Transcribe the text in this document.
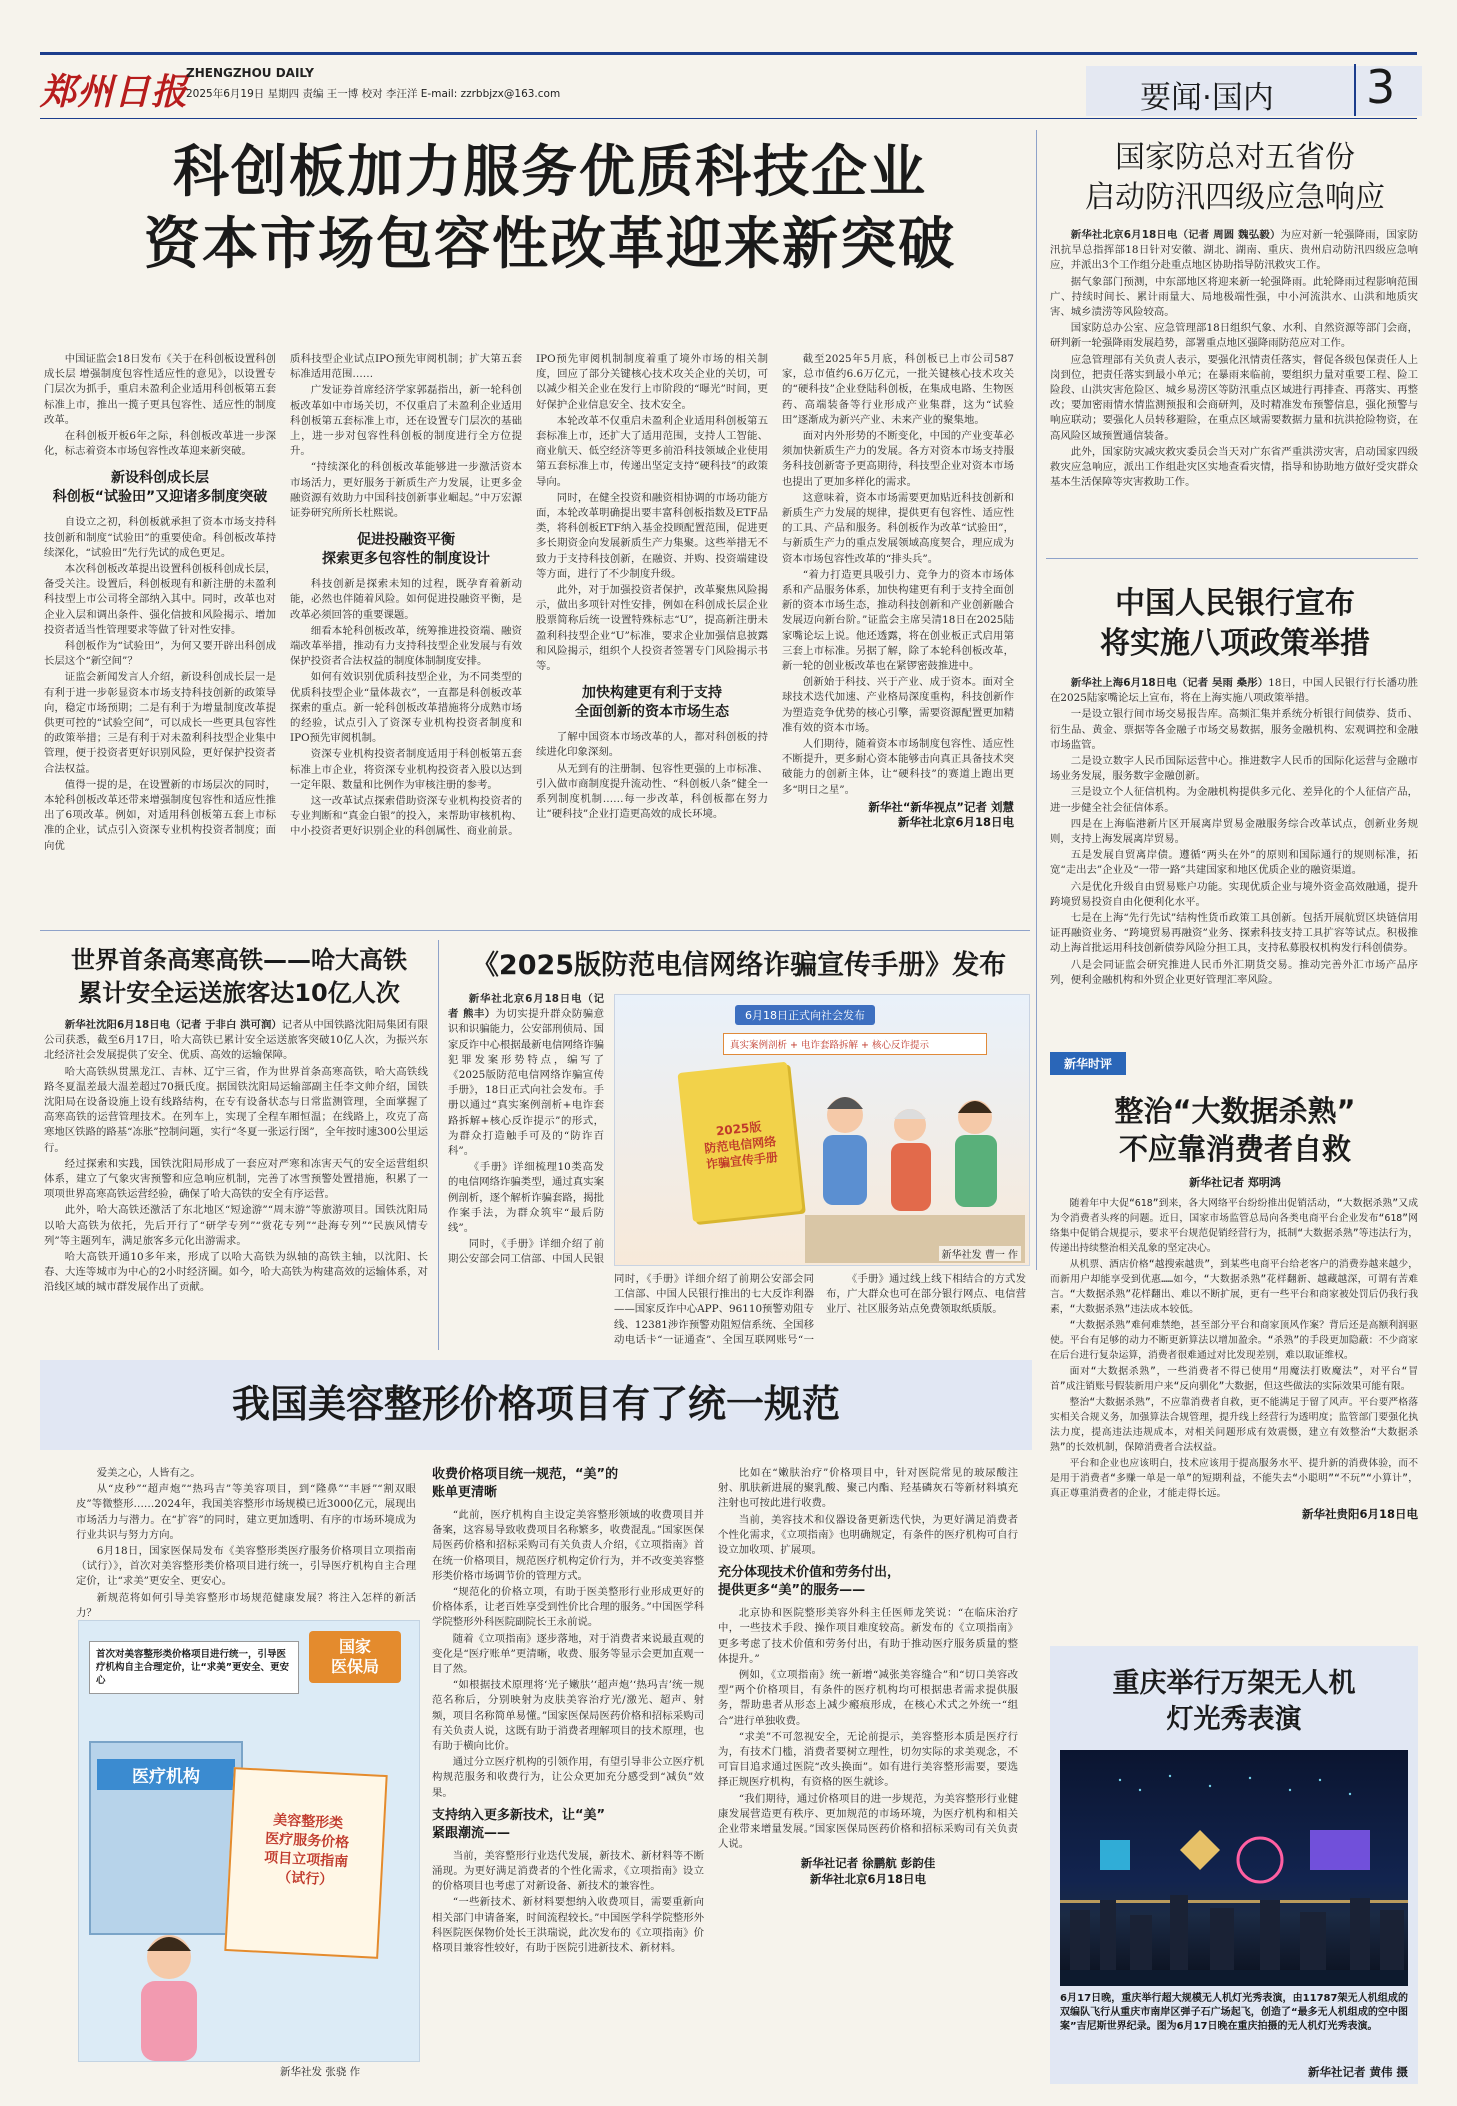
郑州日报
ZHENGZHOU DAILY
2025年6月19日 星期四 责编 王一博 校对 李汪洋 E-mail: zzrbbjzx@163.com	要闻·国内 3
科创板加力服务优质科技企业
资本市场包容性改革迎来新突破

中国证监会18日发布《关于在科创板设置科创成长层 增强制度包容性适应性的意见》，以设置专门层次为抓手，重启未盈利企业适用科创板第五套标准上市，推出一揽子更具包容性、适应性的制度改革。

在科创板开板6年之际，科创板改革进一步深化，标志着资本市场包容性改革迎来新突破。

新设科创成长层
科创板“试验田”又迎诸多制度突破

自设立之初，科创板就承担了资本市场支持科技创新和制度“试验田”的重要使命。科创板改革持续深化，“试验田”先行先试的成色更足。

本次科创板改革提出设置科创板科创成长层，备受关注。设置后，科创板现有和新注册的未盈利科技型上市公司将全部纳入其中。同时，改革也对企业入层和调出条件、强化信披和风险揭示、增加投资者适当性管理要求等做了针对性安排。

科创板作为“试验田”，为何又要开辟出科创成长层这个“新空间”？

证监会新闻发言人介绍，新设科创成长层一是有利于进一步彰显资本市场支持科技创新的政策导向，稳定市场预期；二是有利于为增量制度改革提供更可控的“试验空间”，可以成长一些更具包容性的政策举措；三是有利于对未盈利科技型企业集中管理，便于投资者更好识别风险，更好保护投资者合法权益。

值得一提的是，在设置新的市场层次的同时，本轮科创板改革还带来增强制度包容性和适应性推出了6项改革。例如，对适用科创板第五套上市标准的企业，试点引入资深专业机构投资者制度；面向优

质科技型企业试点IPO预先审阅机制；扩大第五套标准适用范围……

广发证券首席经济学家郭磊指出，新一轮科创板改革如中市场关切，不仅重启了未盈利企业适用科创板第五套标准上市，还在设置专门层次的基础上，进一步对包容性科创板的制度进行全方位提升。

“持续深化的科创板改革能够进一步激活资本市场活力，更好服务于新质生产力发展，让更多金融资源有效助力中国科技创新事业崛起。”中万宏源证券研究所所长杜熙说。

促进投融资平衡
探索更多包容性的制度设计

科技创新是探索未知的过程，既孕育着新动能，必然也伴随着风险。如何促进投融资平衡，是改革必须回答的重要课题。

细看本轮科创板改革，统筹推进投资端、融资端改革举措，推动有力支持科技型企业发展与有效保护投资者合法权益的制度体制制度安排。

如何有效识别优质科技型企业，为不同类型的优质科技型企业“量体裁衣”，一直都是科创板改革探索的重点。新一轮科创板改革措施将分成熟市场的经验，试点引入了资深专业机构投资者制度和IPO预先审阅机制。

资深专业机构投资者制度适用于科创板第五套标准上市企业，将资深专业机构投资者入股以达到一定年限、数量和比例作为审核注册的参考。

这一改革试点探索借助资深专业机构投资者的专业判断和“真金白银”的投入，来帮助审核机构、中小投资者更好识别企业的科创属性、商业前景。

IPO预先审阅机制制度着重了境外市场的相关制度，回应了部分关键核心技术攻关企业的关切，可以减少相关企业在发行上市阶段的“曝光”时间，更好保护企业信息安全、技术安全。

本轮改革不仅重启未盈利企业适用科创板第五套标准上市，还扩大了适用范围，支持人工智能、商业航天、低空经济等更多前沿科技领域企业使用第五套标准上市，传递出坚定支持“硬科技”的政策导向。

同时，在健全投资和融资相协调的市场功能方面，本轮改革明确提出要丰富科创板指数及ETF品类，将科创板ETF纳入基金投顾配置范围，促进更多长期资金向发展新质生产力集聚。这些举措无不致力于支持科技创新，在融资、并购、投资端建设等方面，进行了不少制度升级。

此外，对于加强投资者保护，改革聚焦风险揭示，做出多项针对性安排，例如在科创成长层企业股票简称后统一设置特殊标志“U”，提高新注册未盈利科技型企业“U”标准，要求企业加强信息披露和风险揭示，组织个人投资者签署专门风险揭示书等。

加快构建更有利于支持
全面创新的资本市场生态

了解中国资本市场改革的人，都对科创板的持续进化印象深刻。

从无到有的注册制、包容性更强的上市标准、引入做市商制度提升流动性、“科创板八条”健全一系列制度机制……每一步改革，科创板都在努力让“硬科技”企业打造更高效的成长环境。

截至2025年5月底，科创板已上市公司587家，总市值约6.6万亿元，一批关键核心技术攻关的“硬科技”企业登陆科创板，在集成电路、生物医药、高端装备等行业形成产业集群，这为“试验田”逐渐成为新兴产业、未来产业的聚集地。

面对内外形势的不断变化，中国的产业变革必须加快新质生产力的发展。各方对资本市场支持服务科技创新寄予更高期待，科技型企业对资本市场也提出了更加多样化的需求。

这意味着，资本市场需要更加贴近科技创新和新质生产力发展的规律，提供更有包容性、适应性的工具、产品和服务。科创板作为改革“试验田”，与新质生产力的重点发展领域高度契合，理应成为资本市场包容性改革的“排头兵”。

“着力打造更具吸引力、竞争力的资本市场体系和产品服务体系，加快构建更有利于支持全面创新的资本市场生态，推动科技创新和产业创新融合发展迈向新台阶。”证监会主席吴清18日在2025陆家嘴论坛上说。他还透露，将在创业板正式启用第三套上市标准。另据了解，除了本轮科创板改革，新一轮的创业板改革也在紧锣密鼓推进中。

创新始于科技、兴于产业、成于资本。面对全球技术迭代加速、产业格局深度重构，科技创新作为塑造竞争优势的核心引擎，需要资源配置更加精准有效的资本市场。

人们期待，随着资本市场制度包容性、适应性不断提升，更多耐心资本能够击向真正具备技术突破能力的创新主体，让“硬科技”的赛道上跑出更多“明日之星”。

新华社“新华视点”记者 刘慧
新华社北京6月18日电
国家防总对五省份
启动防汛四级应急响应

新华社北京6月18日电（记者 周圆 魏弘毅）为应对新一轮强降雨，国家防汛抗旱总指挥部18日针对安徽、湖北、湖南、重庆、贵州启动防汛四级应急响应，并派出3个工作组分赴重点地区协助指导防汛救灾工作。

据气象部门预测，中东部地区将迎来新一轮强降雨。此轮降雨过程影响范围广、持续时间长、累计雨量大、局地极端性强，中小河流洪水、山洪和地质灾害、城乡渍涝等风险较高。

国家防总办公室、应急管理部18日组织气象、水利、自然资源等部门会商，研判新一轮强降雨发展趋势，部署重点地区强降雨防范应对工作。

应急管理部有关负责人表示，要强化汛情责任落实，督促各级包保责任人上岗到位，把责任落实到最小单元；在暴雨来临前，要组织力量对重要工程、险工险段、山洪灾害危险区、城乡易涝区等防汛重点区域进行再排查、再落实、再整改；要加密雨情水情监测预报和会商研判，及时精准发布预警信息，强化预警与响应联动；要强化人员转移避险，在重点区域需要数据力量和抗洪抢险物资，在高风险区域预置通信装备。

此外，国家防灾减灾救灾委员会当天对广东省严重洪涝灾害，启动国家四级救灾应急响应，派出工作组赴灾区实地查看灾情，指导和协助地方做好受灾群众基本生活保障等灾害救助工作。

中国人民银行宣布
将实施八项政策举措

新华社上海6月18日电（记者 吴雨 桑彤）18日，中国人民银行行长潘功胜在2025陆家嘴论坛上宣布，将在上海实施八项政策举措。

一是设立银行间市场交易报告库。高频汇集并系统分析银行间债券、货币、衍生品、黄金、票据等各金融子市场交易数据，服务金融机构、宏观调控和金融市场监管。

二是设立数字人民币国际运营中心。推进数字人民币的国际化运营与金融市场业务发展，服务数字金融创新。

三是设立个人征信机构。为金融机构提供多元化、差异化的个人征信产品，进一步健全社会征信体系。

四是在上海临港新片区开展离岸贸易金融服务综合改革试点，创新业务规则，支持上海发展离岸贸易。

五是发展自贸离岸债。遵循“两头在外”的原则和国际通行的规则标准，拓宽“走出去”企业及“一带一路”共建国家和地区优质企业的融资渠道。

六是优化升级自由贸易账户功能。实现优质企业与境外资金高效融通，提升跨境贸易投资自由化便利化水平。

七是在上海“先行先试”结构性货币政策工具创新。包括开展航贸区块链信用证再融资业务、“跨境贸易再融资”业务、探索科技支持工具扩容等试点。积极推动上海首批运用科技创新债券风险分担工具，支持私募股权机构发行科创债券。

八是会同证监会研究推进人民币外汇期货交易。推动完善外汇市场产品序列，便利金融机构和外贸企业更好管理汇率风险。

世界首条高寒高铁——哈大高铁
累计安全运送旅客达10亿人次

新华社沈阳6月18日电（记者 于非白 洪可润）记者从中国铁路沈阳局集团有限公司获悉，截至6月17日，哈大高铁已累计安全运送旅客突破10亿人次，为振兴东北经济社会发展提供了安全、优质、高效的运输保障。

哈大高铁纵贯黑龙江、吉林、辽宁三省，作为世界首条高寒高铁，哈大高铁线路冬夏温差最大温差超过70摄氏度。据国铁沈阳局运输部副主任李文帅介绍，国铁沈阳局在设备设施上设有线路结构，在专有设备状态与日常监测管理，全面掌握了高寒高铁的运营管理技术。在列车上，实现了全程车厢恒温；在线路上，攻克了高寒地区铁路的路基“冻胀”控制问题，实行“冬夏一张运行图”，全年按时速300公里运行。

经过探索和实践，国铁沈阳局形成了一套应对严寒和冻害天气的安全运营组织体系，建立了气象灾害预警和应急响应机制，完善了冰雪预警处置措施，积累了一项项世界高寒高铁运营经验，确保了哈大高铁的安全有序运营。

此外，哈大高铁还激活了东北地区“短途游”“周末游”等旅游项目。国铁沈阳局以哈大高铁为依托，先后开行了“研学专列”“赏花专列”“赴海专列”“民族风情专列”等主题列车，满足旅客多元化出游需求。

哈大高铁开通10多年来，形成了以哈大高铁为纵轴的高铁主轴，以沈阳、长春、大连等城市为中心的2小时经济圈。如今，哈大高铁为构建高效的运输体系，对沿线区域的城市群发展作出了贡献。

《2025版防范电信网络诈骗宣传手册》发布

新华社北京6月18日电（记者 熊丰）为切实提升群众防骗意识和识骗能力，公安部刑侦局、国家反诈中心根据最新电信网络诈骗犯罪发案形势特点，编写了《2025版防范电信网络诈骗宣传手册》，18日正式向社会发布。手册以通过“真实案例剖析+电诈套路拆解+核心反诈提示”的形式，为群众打造触手可及的“防诈百科”。

《手册》详细梳理10类高发的电信网络诈骗类型，通过真实案例剖析，逐个解析诈骗套路，揭批作案手法，为群众筑牢“最后防线”。

同时，《手册》详细介绍了前期公安部会同工信部、中国人民银

6月18日正式向社会发布
真实案例剖析 + 电诈套路拆解 + 核心反诈提示
2025版
防范电信网络
诈骗宣传手册
新华社发 曹一 作

同时，《手册》详细介绍了前期公安部会同工信部、中国人民银行推出的七大反诈利器——国家反诈中心APP、96110预警劝阻专线、12381涉诈预警劝阻短信系统、全国移动电话卡“一证通查”、全国互联网账号“一

《手册》通过线上线下相结合的方式发布，广大群众也可在部分银行网点、电信营业厅、社区服务站点免费领取纸质版。

新华时评
整治“大数据杀熟”
不应靠消费者自救
新华社记者 郑明鸿

随着年中大促“618”到来，各大网络平台纷纷推出促销活动，“大数据杀熟”又成为令消费者头疼的问题。近日，国家市场监管总局向各类电商平台企业发布“618”网络集中促销合规提示，要求平台规范促销经营行为，抵制“大数据杀熟”等违法行为，传递出持续整治相关乱象的坚定决心。

从机票、酒店价格“越搜索越贵”，到某些电商平台给老客户的消费券越来越少，而新用户却能享受到优惠……如今，“大数据杀熟”花样翻新、越藏越深，可谓有苦难言。“大数据杀熟”花样翻出、难以不断扩展，更有一些平台和商家被处罚后仍我行我素，“大数据杀熟”违法成本较低。

“大数据杀熟”难何难禁绝，甚至部分平台和商家顶风作案？背后还是高额利润驱使。平台有足够的动力不断更新算法以增加盈余。“杀熟”的手段更加隐蔽：不少商家在后台进行复杂运算，消费者很难通过对比发现差别，难以取证维权。

面对“大数据杀熟”，一些消费者不得已使用“用魔法打败魔法”，对平台“冒首”成注销账号假装新用户来“反向驯化”大数据，但这些做法的实际效果可能有限。

整治“大数据杀熟”，不应靠消费者自救，更不能满足于留了风声。平台要严格落实相关合规义务，加强算法合规管理，提升线上经营行为透明度；监管部门要强化执法力度，提高违法违规成本，对相关问题形成有效震慑，建立有效整治“大数据杀熟”的长效机制，保障消费者合法权益。

平台和企业也应该明白，技术应该用于提高服务水平、提升新的消费体验，而不是用于消费者“多赚一单是一单”的短期利益，不能失去“小聪明”“不玩”“小算计”，真正尊重消费者的企业，才能走得长远。

新华社贵阳6月18日电
我国美容整形价格项目有了统一规范

爱美之心，人皆有之。

从“皮秒”“超声炮”“热玛吉”等美容项目，到“隆鼻”“丰唇”“割双眼皮”等微整形……2024年，我国美容整形市场规模已近3000亿元，展现出市场活力与潜力。在“扩容”的同时，建立更加透明、有序的市场环境成为行业共识与努力方向。

6月18日，国家医保局发布《美容整形类医疗服务价格项目立项指南（试行）》，首次对美容整形类价格项目进行统一，引导医疗机构自主合理定价，让“求美”更安全、更安心。

新规范将如何引导美容整形市场规范健康发展？将注入怎样的新活力？

首次对美容整形类价格项目进行统一，引导医疗机构自主合理定价，让“求美”更安全、更安心
国家
医保局
医疗机构
美容整形类
医疗服务价格
项目立项指南
（试行）
新华社发 张骁 作
收费价格项目统一规范，“美”的
账单更清晰

“此前，医疗机构自主设定美容整形领域的收费项目并备案，这容易导致收费项目名称繁多，收费混乱。”国家医保局医药价格和招标采购司有关负责人介绍，《立项指南》首在统一价格项目，规范医疗机构定价行为，并不改变美容整形类价格市场调节价的管理方式。

“规范化的价格立项，有助于医美整形行业形成更好的价格体系，让老百姓享受到性价比合理的服务。”中国医学科学院整形外科医院副院长王永前说。

随着《立项指南》逐步落地，对于消费者来说最直观的变化是“医疗账单”更清晰，收费、服务等显示会更加直观一目了然。

“如根据技术原理将‘光子嫩肤’‘超声炮’‘热玛吉’统一规范名称后，分别映射为皮肤美容治疗光/激光、超声、射频，项目名称简单易懂。”国家医保局医药价格和招标采购司有关负责人说，这既有助于消费者理解项目的技术原理，也有助于横向比价。

通过分立医疗机构的引领作用，有望引导非公立医疗机构规范服务和收费行为，让公众更加充分感受到“减负”效果。

支持纳入更多新技术，让“美”
紧跟潮流——

当前，美容整形行业迭代发展，新技术、新材料等不断涌现。为更好满足消费者的个性化需求，《立项指南》设立的价格项目也考虑了对新设备、新技术的兼容性。

“一些新技术、新材料要想纳入收费项目，需要重新向相关部门申请备案，时间流程较长。”中国医学科学院整形外科医院医保物价处长王洪瑞说，此次发布的《立项指南》价格项目兼容性较好，有助于医院引进新技术、新材料。

比如在“嫩肤治疗”价格项目中，针对医院常见的玻尿酸注射、肌肤新进展的聚乳酸、聚己内酯、羟基磷灰石等新材料填充注射也可按此进行收费。

当前，美容技术和仪器设备更新迭代快，为更好满足消费者个性化需求，《立项指南》也明确规定，有条件的医疗机构可自行设立加收项、扩展项。

充分体现技术价值和劳务付出，
提供更多“美”的服务——

北京协和医院整形美容外科主任医师龙笑说：“在临床治疗中，一些技术手段、操作项目难度较高。新发布的《立项指南》更多考虑了技术价值和劳务付出，有助于推动医疗服务质量的整体提升。”

例如，《立项指南》统一新增“减张美容缝合”和“切口美容改型”两个价格项目，有条件的医疗机构均可根据患者需求提供服务，帮助患者从形态上减少瘢痕形成，在核心术式之外统一“组合”进行单独收费。

“求美”不可忽视安全，无论前提示，美容整形本质是医疗行为，有技术门槛，消费者要树立理性，切勿实际的求美观念，不可盲目追求通过医院“改头换面”。如有进行美容整形需要，要选择正规医疗机构，有资格的医生就诊。

“我们期待，通过价格项目的进一步规范，为美容整形行业健康发展营造更有秩序、更加规范的市场环境，为医疗机构和相关企业带来增量发展。”国家医保局医药价格和招标采购司有关负责人说。

新华社记者 徐鹏航 彭韵佳
新华社北京6月18日电
重庆举行万架无人机
灯光秀表演
6月17日晚，重庆举行超大规模无人机灯光秀表演，由11787架无人机组成的双编队飞行从重庆市南岸区弹子石广场起飞，创造了“最多无人机组成的空中图案”吉尼斯世界纪录。图为6月17日晚在重庆拍摄的无人机灯光秀表演。
新华社记者 黄伟 摄
